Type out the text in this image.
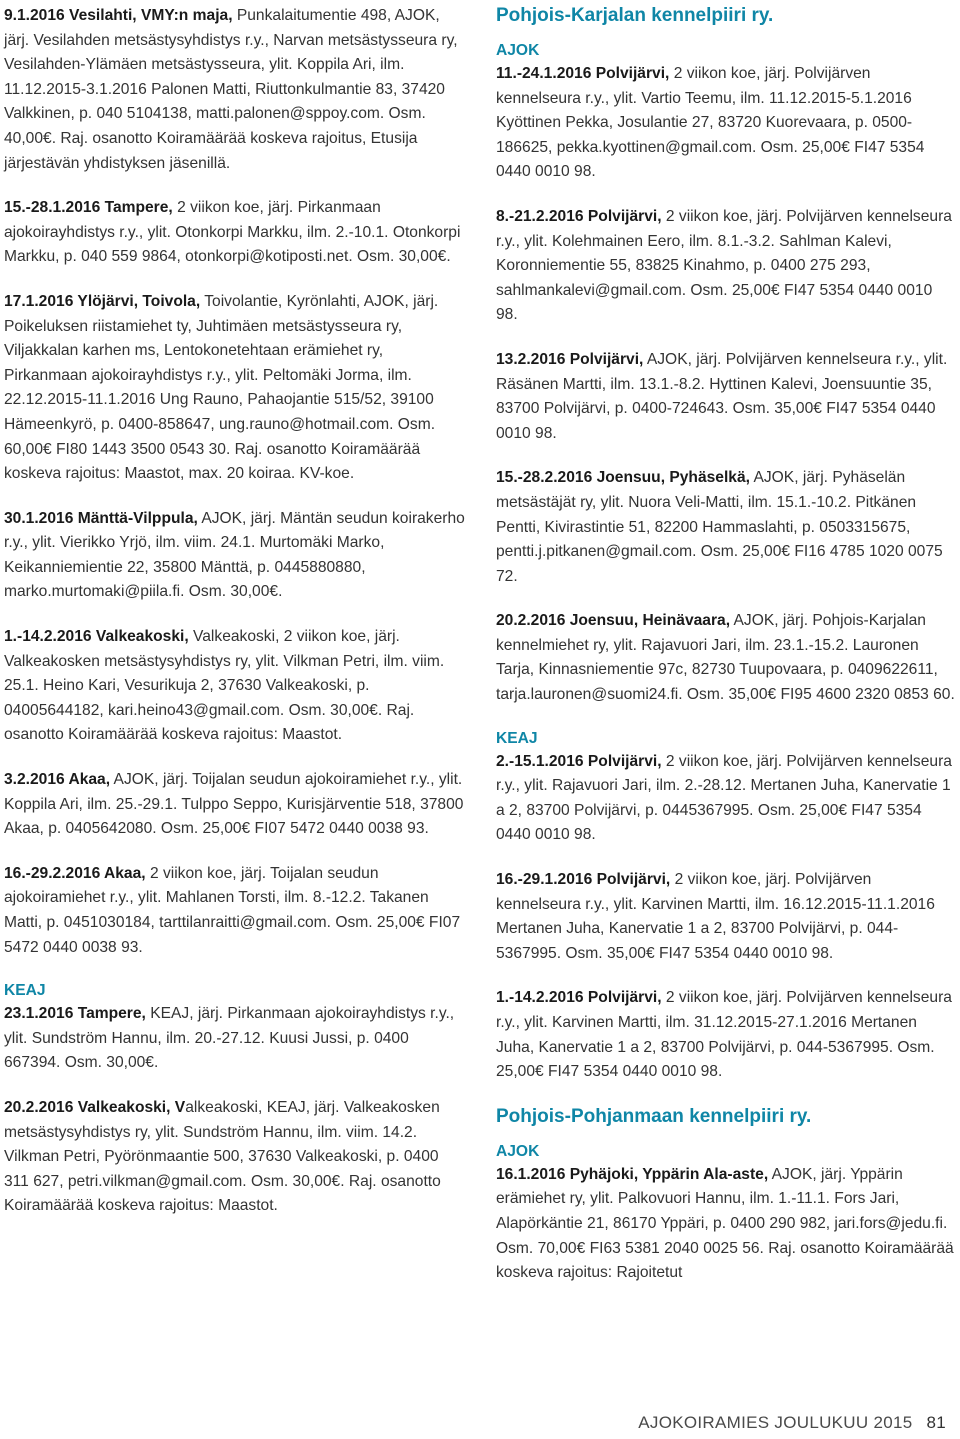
9.1.2016 Vesilahti, VMY:n maja, Punkalaitumentie 498, AJOK, järj. Vesilahden metsästysyhdistys r.y., Narvan metsästysseura ry, Vesilahden-Ylämäen metsästysseura, ylit. Koppila Ari, ilm. 11.12.2015-3.1.2016 Palonen Matti, Riuttonkulmantie 83, 37420 Valkkinen, p. 040 5104138, matti.palonen@sppoy.com. Osm. 40,00€. Raj. osanotto Koiramäärää koskeva rajoitus, Etusija järjestävän yhdistyksen jäsenillä.

15.-28.1.2016 Tampere, 2 viikon koe, järj. Pirkanmaan ajokoirayhdistys r.y., ylit. Otonkorpi Markku, ilm. 2.-10.1. Otonkorpi Markku, p. 040 559 9864, otonkorpi@kotiposti.net. Osm. 30,00€.

17.1.2016 Ylöjärvi, Toivola, Toivolantie, Kyrönlahti, AJOK, järj. Poikeluksen riistamiehet ty, Juhtimäen metsästysseura ry, Viljakkalan karhen ms, Lentokonetehtaan erämiehet ry, Pirkanmaan ajokoirayhdistys r.y., ylit. Peltomäki Jorma, ilm. 22.12.2015-11.1.2016 Ung Rauno, Pahaojantie 515/52, 39100 Hämeenkyrö, p. 0400-858647, ung.rauno@hotmail.com. Osm. 60,00€ FI80 1443 3500 0543 30. Raj. osanotto Koiramäärää koskeva rajoitus: Maastot, max. 20 koiraa. KV-koe.

30.1.2016 Mänttä-Vilppula, AJOK, järj. Mäntän seudun koirakerho r.y., ylit. Vierikko Yrjö, ilm. viim. 24.1. Murtomäki Marko, Keikanniemientie 22, 35800 Mänttä, p. 0445880880, marko.murtomaki@piila.fi. Osm. 30,00€.

1.-14.2.2016 Valkeakoski, Valkeakoski, 2 viikon koe, järj. Valkeakosken metsästysyhdistys ry, ylit. Vilkman Petri, ilm. viim. 25.1. Heino Kari, Vesurikuja 2, 37630 Valkeakoski, p. 04005644182, kari.heino43@gmail.com. Osm. 30,00€. Raj. osanotto Koiramäärää koskeva rajoitus: Maastot.

3.2.2016 Akaa, AJOK, järj. Toijalan seudun ajokoiramiehet r.y., ylit. Koppila Ari, ilm. 25.-29.1. Tulppo Seppo, Kurisjärventie 518, 37800 Akaa, p. 0405642080. Osm. 25,00€ FI07 5472 0440 0038 93.

16.-29.2.2016 Akaa, 2 viikon koe, järj. Toijalan seudun ajokoiramiehet r.y., ylit. Mahlanen Torsti, ilm. 8.-12.2. Takanen Matti, p. 0451030184, tarttilanraitti@gmail.com. Osm. 25,00€ FI07 5472 0440 0038 93.

KEAJ

23.1.2016 Tampere, KEAJ, järj. Pirkanmaan ajokoirayhdistys r.y., ylit. Sundström Hannu, ilm. 20.-27.12. Kuusi Jussi, p. 0400 667394. Osm. 30,00€.

20.2.2016 Valkeakoski, Valkeakoski, KEAJ, järj. Valkeakosken metsästysyhdistys ry, ylit. Sundström Hannu, ilm. viim. 14.2. Vilkman Petri, Pyörönmaantie 500, 37630 Valkeakoski, p. 0400 311 627, petri.vilkman@gmail.com. Osm. 30,00€. Raj. osanotto Koiramäärää koskeva rajoitus: Maastot.

Pohjois-Karjalan kennelpiiri ry.
AJOK

11.-24.1.2016 Polvijärvi, 2 viikon koe, järj. Polvijärven kennelseura r.y., ylit. Vartio Teemu, ilm. 11.12.2015-5.1.2016 Kyöttinen Pekka, Josulantie 27, 83720 Kuorevaara, p. 0500-186625, pekka.kyottinen@gmail.com. Osm. 25,00€ FI47 5354 0440 0010 98.

8.-21.2.2016 Polvijärvi, 2 viikon koe, järj. Polvijärven kennelseura r.y., ylit. Kolehmainen Eero, ilm. 8.1.-3.2. Sahlman Kalevi, Koronniementie 55, 83825 Kinahmo, p. 0400 275 293, sahlmankalevi@gmail.com. Osm. 25,00€ FI47 5354 0440 0010 98.

13.2.2016 Polvijärvi, AJOK, järj. Polvijärven kennelseura r.y., ylit. Räsänen Martti, ilm. 13.1.-8.2. Hyttinen Kalevi, Joensuuntie 35, 83700 Polvijärvi, p. 0400-724643. Osm. 35,00€ FI47 5354 0440 0010 98.

15.-28.2.2016 Joensuu, Pyhäselkä, AJOK, järj. Pyhäselän metsästäjät ry, ylit. Nuora Veli-Matti, ilm. 15.1.-10.2. Pitkänen Pentti, Kivirastintie 51, 82200 Hammaslahti, p. 0503315675, pentti.j.pitkanen@gmail.com. Osm. 25,00€ FI16 4785 1020 0075 72.

20.2.2016 Joensuu, Heinävaara, AJOK, järj. Pohjois-Karjalan kennelmiehet ry, ylit. Rajavuori Jari, ilm. 23.1.-15.2. Lauronen Tarja, Kinnasniementie 97c, 82730 Tuupovaara, p. 0409622611, tarja.lauronen@suomi24.fi. Osm. 35,00€ FI95 4600 2320 0853 60.

KEAJ

2.-15.1.2016 Polvijärvi, 2 viikon koe, järj. Polvijärven kennelseura r.y., ylit. Rajavuori Jari, ilm. 2.-28.12. Mertanen Juha, Kanervatie 1 a 2, 83700 Polvijärvi, p. 0445367995. Osm. 25,00€ FI47 5354 0440 0010 98.

16.-29.1.2016 Polvijärvi, 2 viikon koe, järj. Polvijärven kennelseura r.y., ylit. Karvinen Martti, ilm. 16.12.2015-11.1.2016 Mertanen Juha, Kanervatie 1 a 2, 83700 Polvijärvi, p. 044-5367995. Osm. 35,00€ FI47 5354 0440 0010 98.

1.-14.2.2016 Polvijärvi, 2 viikon koe, järj. Polvijärven kennelseura r.y., ylit. Karvinen Martti, ilm. 31.12.2015-27.1.2016 Mertanen Juha, Kanervatie 1 a 2, 83700 Polvijärvi, p. 044-5367995. Osm. 25,00€ FI47 5354 0440 0010 98.

Pohjois-Pohjanmaan kennelpiiri ry.
AJOK

16.1.2016 Pyhäjoki, Yppärin Ala-aste, AJOK, järj. Yppärin erämiehet ry, ylit. Palkovuori Hannu, ilm. 1.-11.1. Fors Jari, Alapörkäntie 21, 86170 Yppäri, p. 0400 290 982, jari.fors@jedu.fi. Osm. 70,00€ FI63 5381 2040 0025 56. Raj. osanotto Koiramäärää koskeva rajoitus: Rajoitetut

AJOKOIRAMIES JOULUKUU 2015 81
